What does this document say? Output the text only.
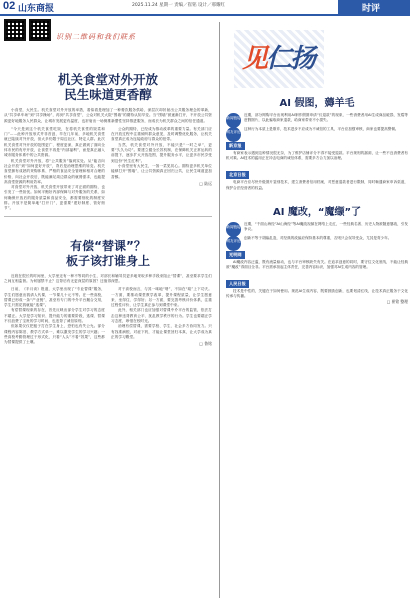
02 山东商报	2025.11.24 星期一 责编／崔铭 设计／邢耀红	时评
识别二维码和我们联系
机关食堂对外开放
民生味道更香醇

小食堂，大民生。机关食堂对外开放的举措，看似看是理加了一种餐饮服务供给，深层次却折射出公共服务理念的革新，从“共享单车场”到“共享操场”，再到“共享食堂”，公众对机关大院“围墙”的期待认知早变。当“围墙”被逐渐打开，不开放公共资源更好地服务人民群众，让城市发展更有温度，也折射出一场倒推新惯性坚持推进服务，而成长为机关群众之间的信任通道。

“今天是到这个机关食堂吃饭，在将机关食堂的饭菜和门”……此种开放形式并非首创，早在几年前，多地机关食堂就已陆续对外开放，但大多仍限于周边社区、特定人群。此次机关食堂对外开放的范围更广、程度更深，真正做到了面向全体市民的有序开放，让食堂不再是“内部福利”，而是真正融入城市服务体系中的公共资源。

机关食堂对外开放，将“公共服务”落到实处。从“能否向社会开放”到“如何更好开放”，背后是治理思维的转变。机关食堂拥有成熟的采购体系、严格的食品安全管理和相对合理的价格，向社会开放后，既能满足周边群众的就餐需求，也能提高食堂资源的利用效率。

对食堂对外开放，机关食堂开放带来了对正面的期待，也引发了一些担忧。如何平衡好内部保障与对外服务的关系，如何确保开放后的服务质量和食品安全，都需要细化的制度安排。开放不是简单地“打开门”，更需要“建好制度、管好细节”。

公众的期待，已经成为推动改革的重要力量。有关部门应在开放过程中注重倾听群众意见，及时调整优化服务，让机关食堂真正成为连接政府与群众的纽带。

当然，机关食堂对外开放，不能只是“一时之举”，更要“久久为功”。要建立健全长效机制，在保障机关正常运转的前提下，逐步扩大开放范围，提升服务水平，让更多市民享受到这份“民生红利”。

小食堂里有大民生，一饭一菜见初心。期待更多机关单位能够打开“围墙”，让公共资源真正回归公共，让民生味道更加香醇。

□ 陆远
有偿“替课”？
板子该打谁身上

近段在很长的时间里，大学里还有一种不等同的小生，对部长和辅导员更多地采取多种手段来阻止“替课”，甚至要求学生们之间互相监督。为何屡禁不止？这背后有无更深层的原因？还值得深思。

日前，《半月谈》报道，大学里出现了“专业替课”服务，学生们愿意出钱请人代课，一节课几十元不等。在一些高校，替课已形成一条“产业链”，甚至有专门的中介平台撮合交易，学生只需花钱就能“逃课”。

有偿替课现象的存在，首先反映出部分学生对学习的态度不端正。大学是学习知识、提升能力的重要阶段，逃课、替课不仅浪费了宝贵的学习时间，也违背了诚信原则。

但如果仅仅把板子打在学生身上，恐怕也有失公允。部分课程内容陈旧、教学方式单一，难以激发学生的学习兴趣；一些高校考勤管理过于形式化，只看“人头”不看“效果”，这些都为替课提供了土壤。

对于高校而言，与其一味地“堵”，不如在“疏”上下功夫。一方面，要推动课堂教学改革，提升课程质量，让学生愿意来、坐得住、学得好；另一方面，要完善考核评价体系，注重过程性评价，让学生真正参与到课堂中来。

此外，相关部门也应加强对替课中介平台的监管，依法打击这种违背教育公平、扰乱教学秩序的行为。学生也要端正学习态度，珍惜在校时光。

治理有偿替课，需要学校、学生、社会多方协同发力。只有找准病根、对症下药，才能让课堂回归本真，让大学成为真正的学习殿堂。

□ 鲁铭
见仁扬
AI 假图，薅羊毛
新闻链接
近期，部分网购平台出现利用AI制作假图申请“仅退款”的现象，一些消费者用AI生成商品破损、发霉等虚假图片，以此骗取商家退款，给商家带来不小损失。
网友评论
这种行为本质上是欺诈，技术进步不应成为不诚信的工具，平台应加强审核，商家也要提高警惕。
新京报

有商家表示遇到这种情况很无奈，为了维护店铺评分不得不接受退款。平台规则的漏洞，让一些不良消费者有机可乘。AI技术的滥用正在冲击电商的诚信体系，需要多方合力加以治理。

北京日报

电商平台应尽快升级图片鉴别技术，建立消费者信用档案，对恶意退款者进行限制，同时畅通商家申诉渠道，保护合法经营者的权益。

AI 魔改，“魔缬”了
新闻链接
近期，“千面山海经”AI山海经”等AI魔改视频在网络上走红，一些经典名著、历史人物被随意篡改，引发争议。
网友评论
创新不等于胡编乱造，对经典的改编应保持基本的尊重，否则只会误导受众，尤其是青少年。
光明网

AI魔改内容泛滥，既有流量驱动，也与平台审核缺失有关。在追求创意的同时，要守住文化底线，不能让经典被“魔改”得面目全非。平台需承担起主体责任，完善内容标识，加强对AI生成内容的管理。

人民日报

技术是中性的，关键在于如何使用。规范AI生成内容，既要鼓励创新，也要划清红线，让技术真正服务于文化传承与传播。

□ 崔铭 整理
